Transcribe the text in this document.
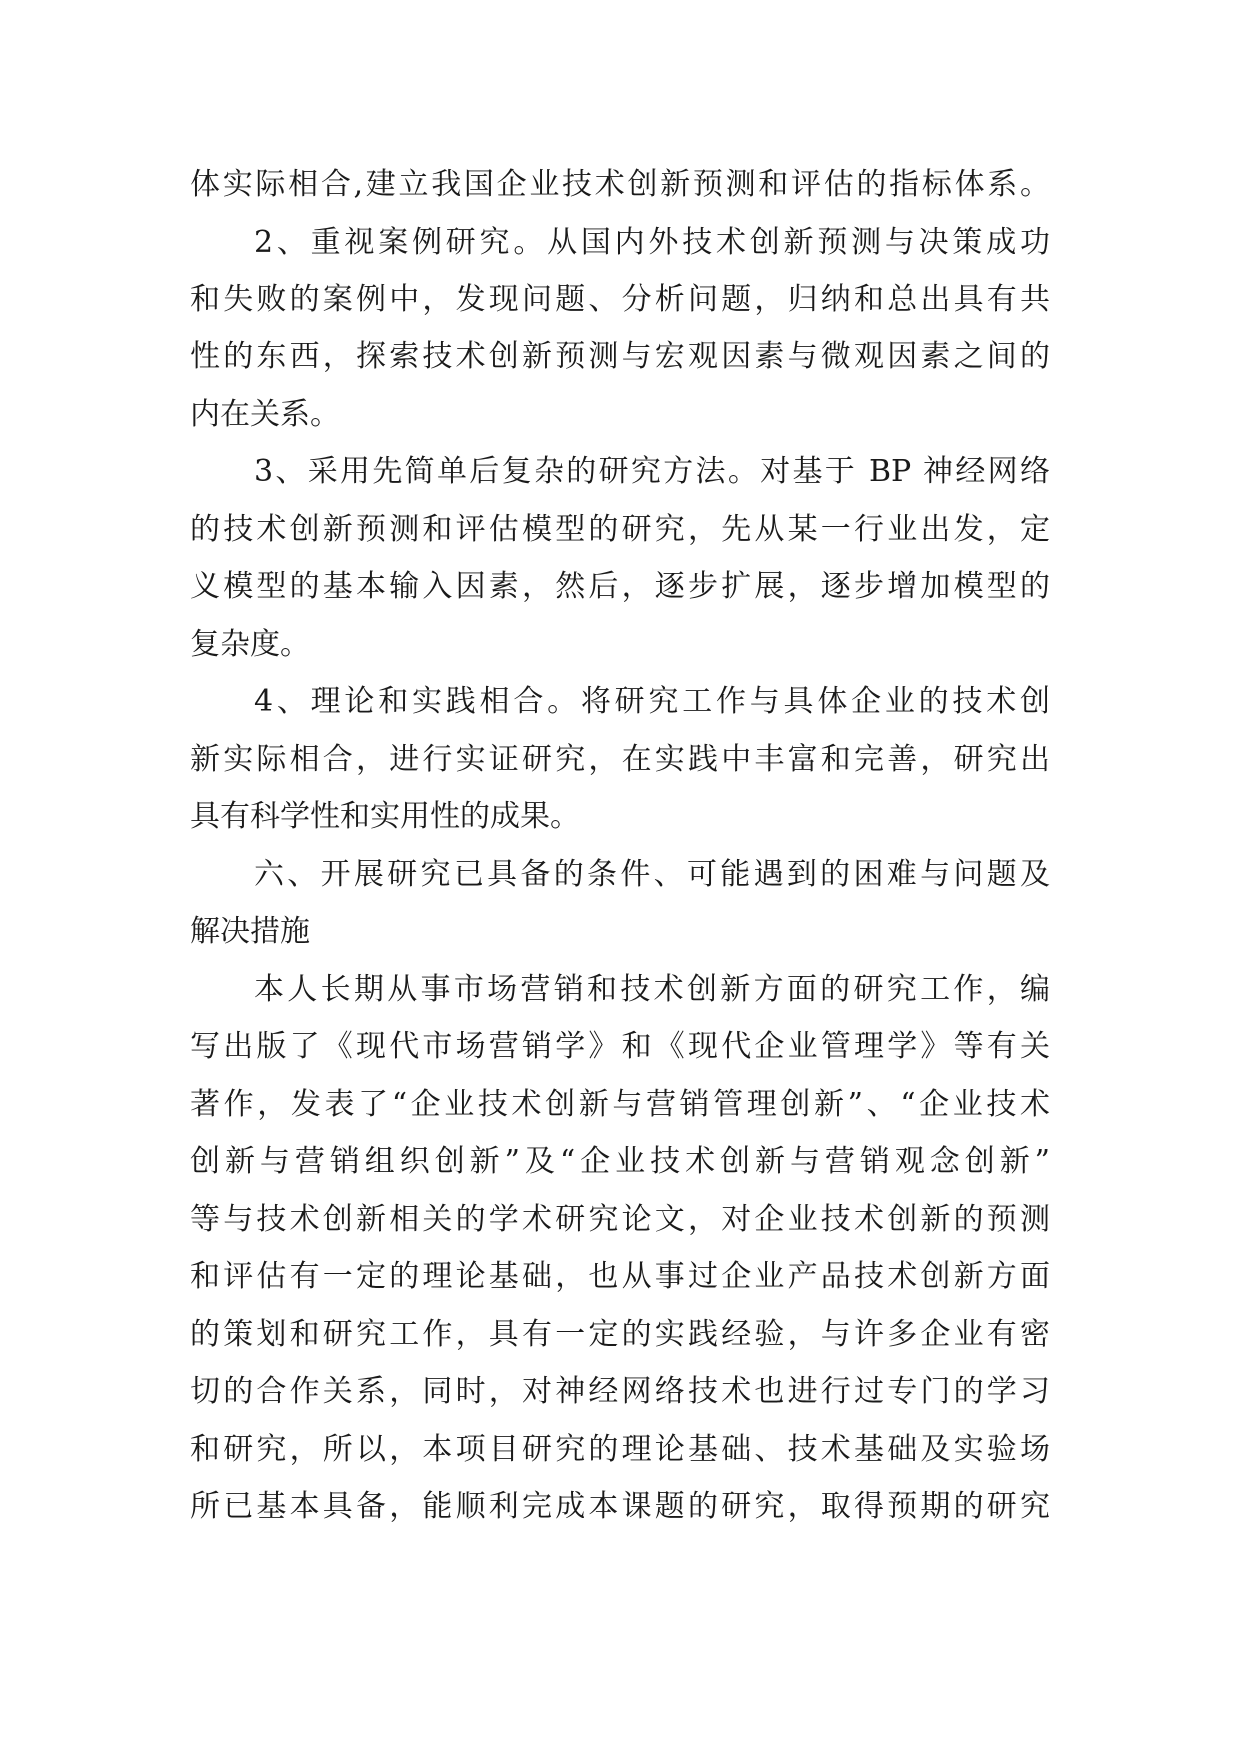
体实际相合,建立我国企业技术创新预测和评估的指标体系。
2、重视案例研究。从国内外技术创新预测与决策成功
和失败的案例中，发现问题、分析问题，归纳和总出具有共
性的东西，探索技术创新预测与宏观因素与微观因素之间的
内在关系。
3、采用先简单后复杂的研究方法。对基于 BP 神经网络
的技术创新预测和评估模型的研究，先从某一行业出发，定
义模型的基本输入因素，然后，逐步扩展，逐步增加模型的
复杂度。
4、理论和实践相合。将研究工作与具体企业的技术创
新实际相合，进行实证研究，在实践中丰富和完善，研究出
具有科学性和实用性的成果。
六、开展研究已具备的条件、可能遇到的困难与问题及
解决措施
本人长期从事市场营销和技术创新方面的研究工作，编
写出版了《现代市场营销学》和《现代企业管理学》等有关
著作，发表了“企业技术创新与营销管理创新”、“企业技术
创新与营销组织创新”及“企业技术创新与营销观念创新”
等与技术创新相关的学术研究论文，对企业技术创新的预测
和评估有一定的理论基础，也从事过企业产品技术创新方面
的策划和研究工作，具有一定的实践经验，与许多企业有密
切的合作关系，同时，对神经网络技术也进行过专门的学习
和研究，所以，本项目研究的理论基础、技术基础及实验场
所已基本具备，能顺利完成本课题的研究，取得预期的研究
